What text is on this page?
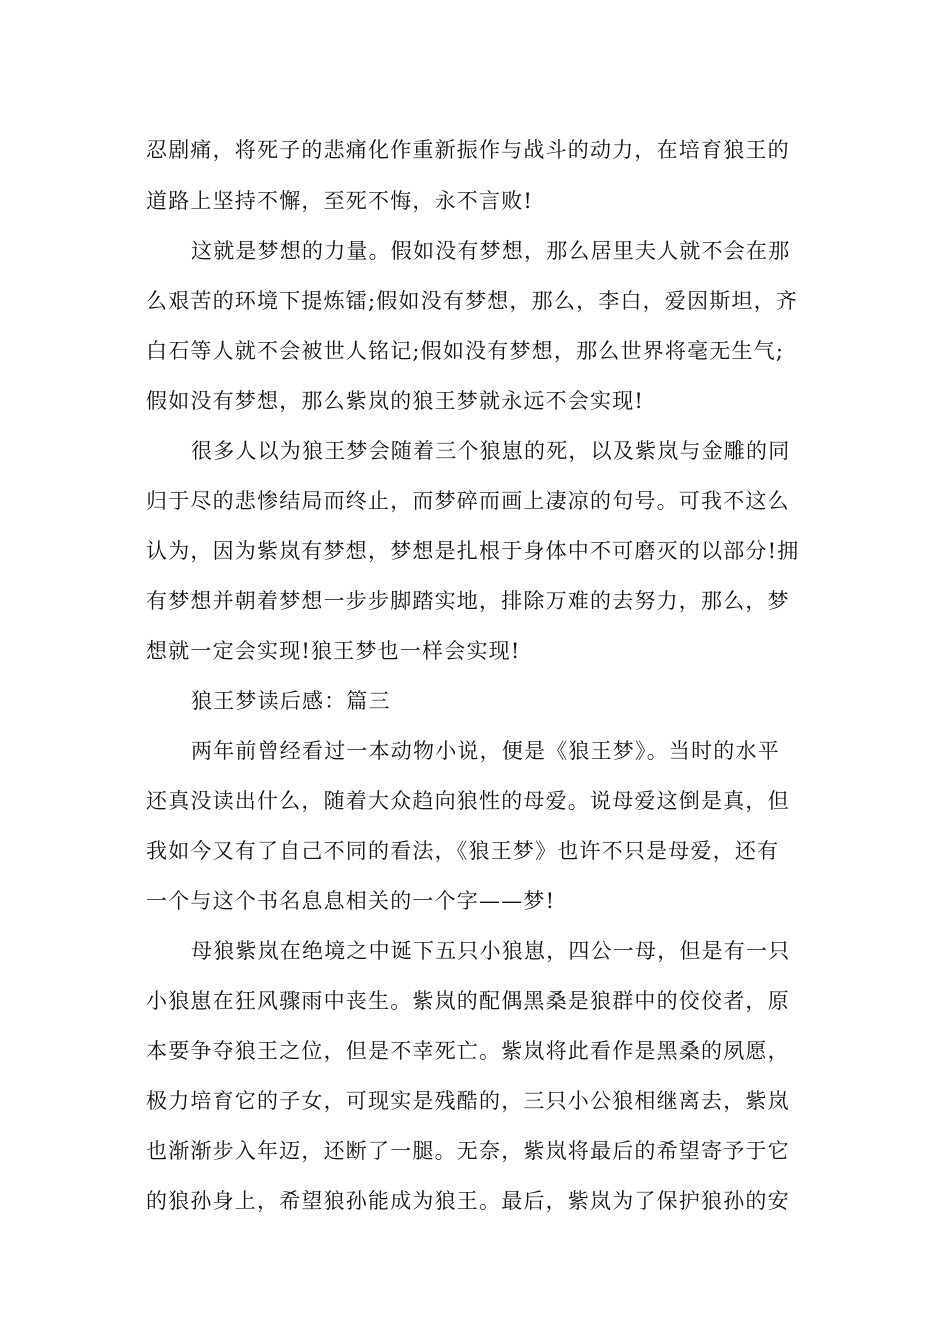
忍剧痛，将死子的悲痛化作重新振作与战斗的动力，在培育狼王的

道路上坚持不懈，至死不悔，永不言败!

这就是梦想的力量。假如没有梦想，那么居里夫人就不会在那

么艰苦的环境下提炼镭;假如没有梦想，那么，李白，爱因斯坦，齐

白石等人就不会被世人铭记;假如没有梦想，那么世界将毫无生气;

假如没有梦想，那么紫岚的狼王梦就永远不会实现!

很多人以为狼王梦会随着三个狼崽的死，以及紫岚与金雕的同

归于尽的悲惨结局而终止，而梦碎而画上凄凉的句号。可我不这么

认为，因为紫岚有梦想，梦想是扎根于身体中不可磨灭的以部分!拥

有梦想并朝着梦想一步步脚踏实地，排除万难的去努力，那么，梦

想就一定会实现!狼王梦也一样会实现!

狼王梦读后感：篇三

两年前曾经看过一本动物小说，便是《狼王梦》。当时的水平

还真没读出什么，随着大众趋向狼性的母爱。说母爱这倒是真，但

我如今又有了自己不同的看法，《狼王梦》也许不只是母爱，还有

一个与这个书名息息相关的一个字——梦!

母狼紫岚在绝境之中诞下五只小狼崽，四公一母，但是有一只

小狼崽在狂风骤雨中丧生。紫岚的配偶黑桑是狼群中的佼佼者，原

本要争夺狼王之位，但是不幸死亡。紫岚将此看作是黑桑的夙愿，

极力培育它的子女，可现实是残酷的，三只小公狼相继离去，紫岚

也渐渐步入年迈，还断了一腿。无奈，紫岚将最后的希望寄予于它

的狼孙身上，希望狼孙能成为狼王。最后，紫岚为了保护狼孙的安
